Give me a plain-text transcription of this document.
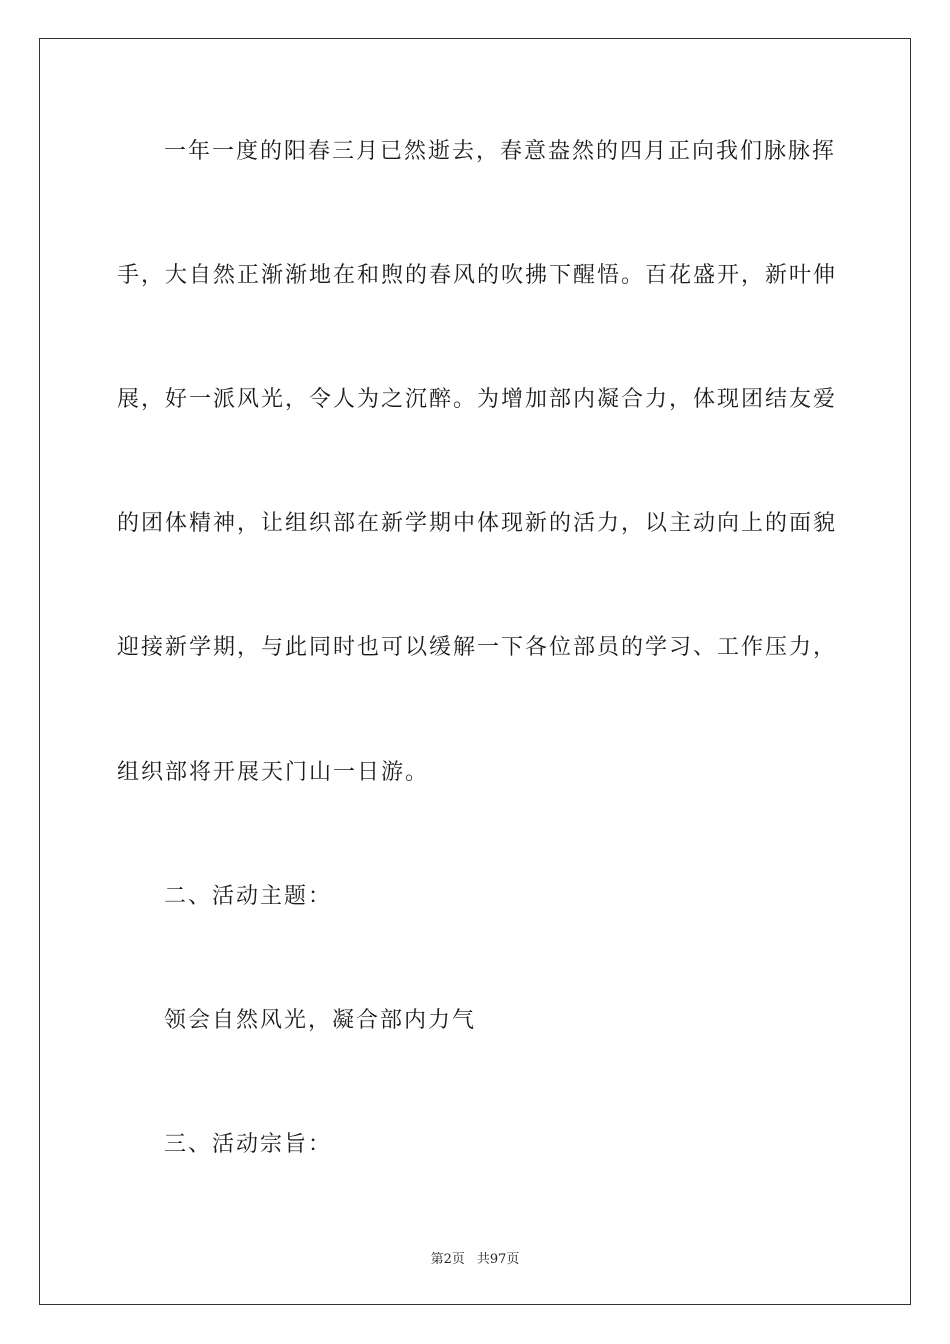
一年一度的阳春三月已然逝去，春意盎然的四月正向我们脉脉挥
手，大自然正渐渐地在和煦的春风的吹拂下醒悟。百花盛开，新叶伸
展，好一派风光，令人为之沉醉。为增加部内凝合力，体现团结友爱
的团体精神，让组织部在新学期中体现新的活力，以主动向上的面貌
迎接新学期，与此同时也可以缓解一下各位部员的学习、工作压力，
组织部将开展天门山一日游。
二、活动主题：
领会自然风光，凝合部内力气
三、活动宗旨：
第2页 共97页
